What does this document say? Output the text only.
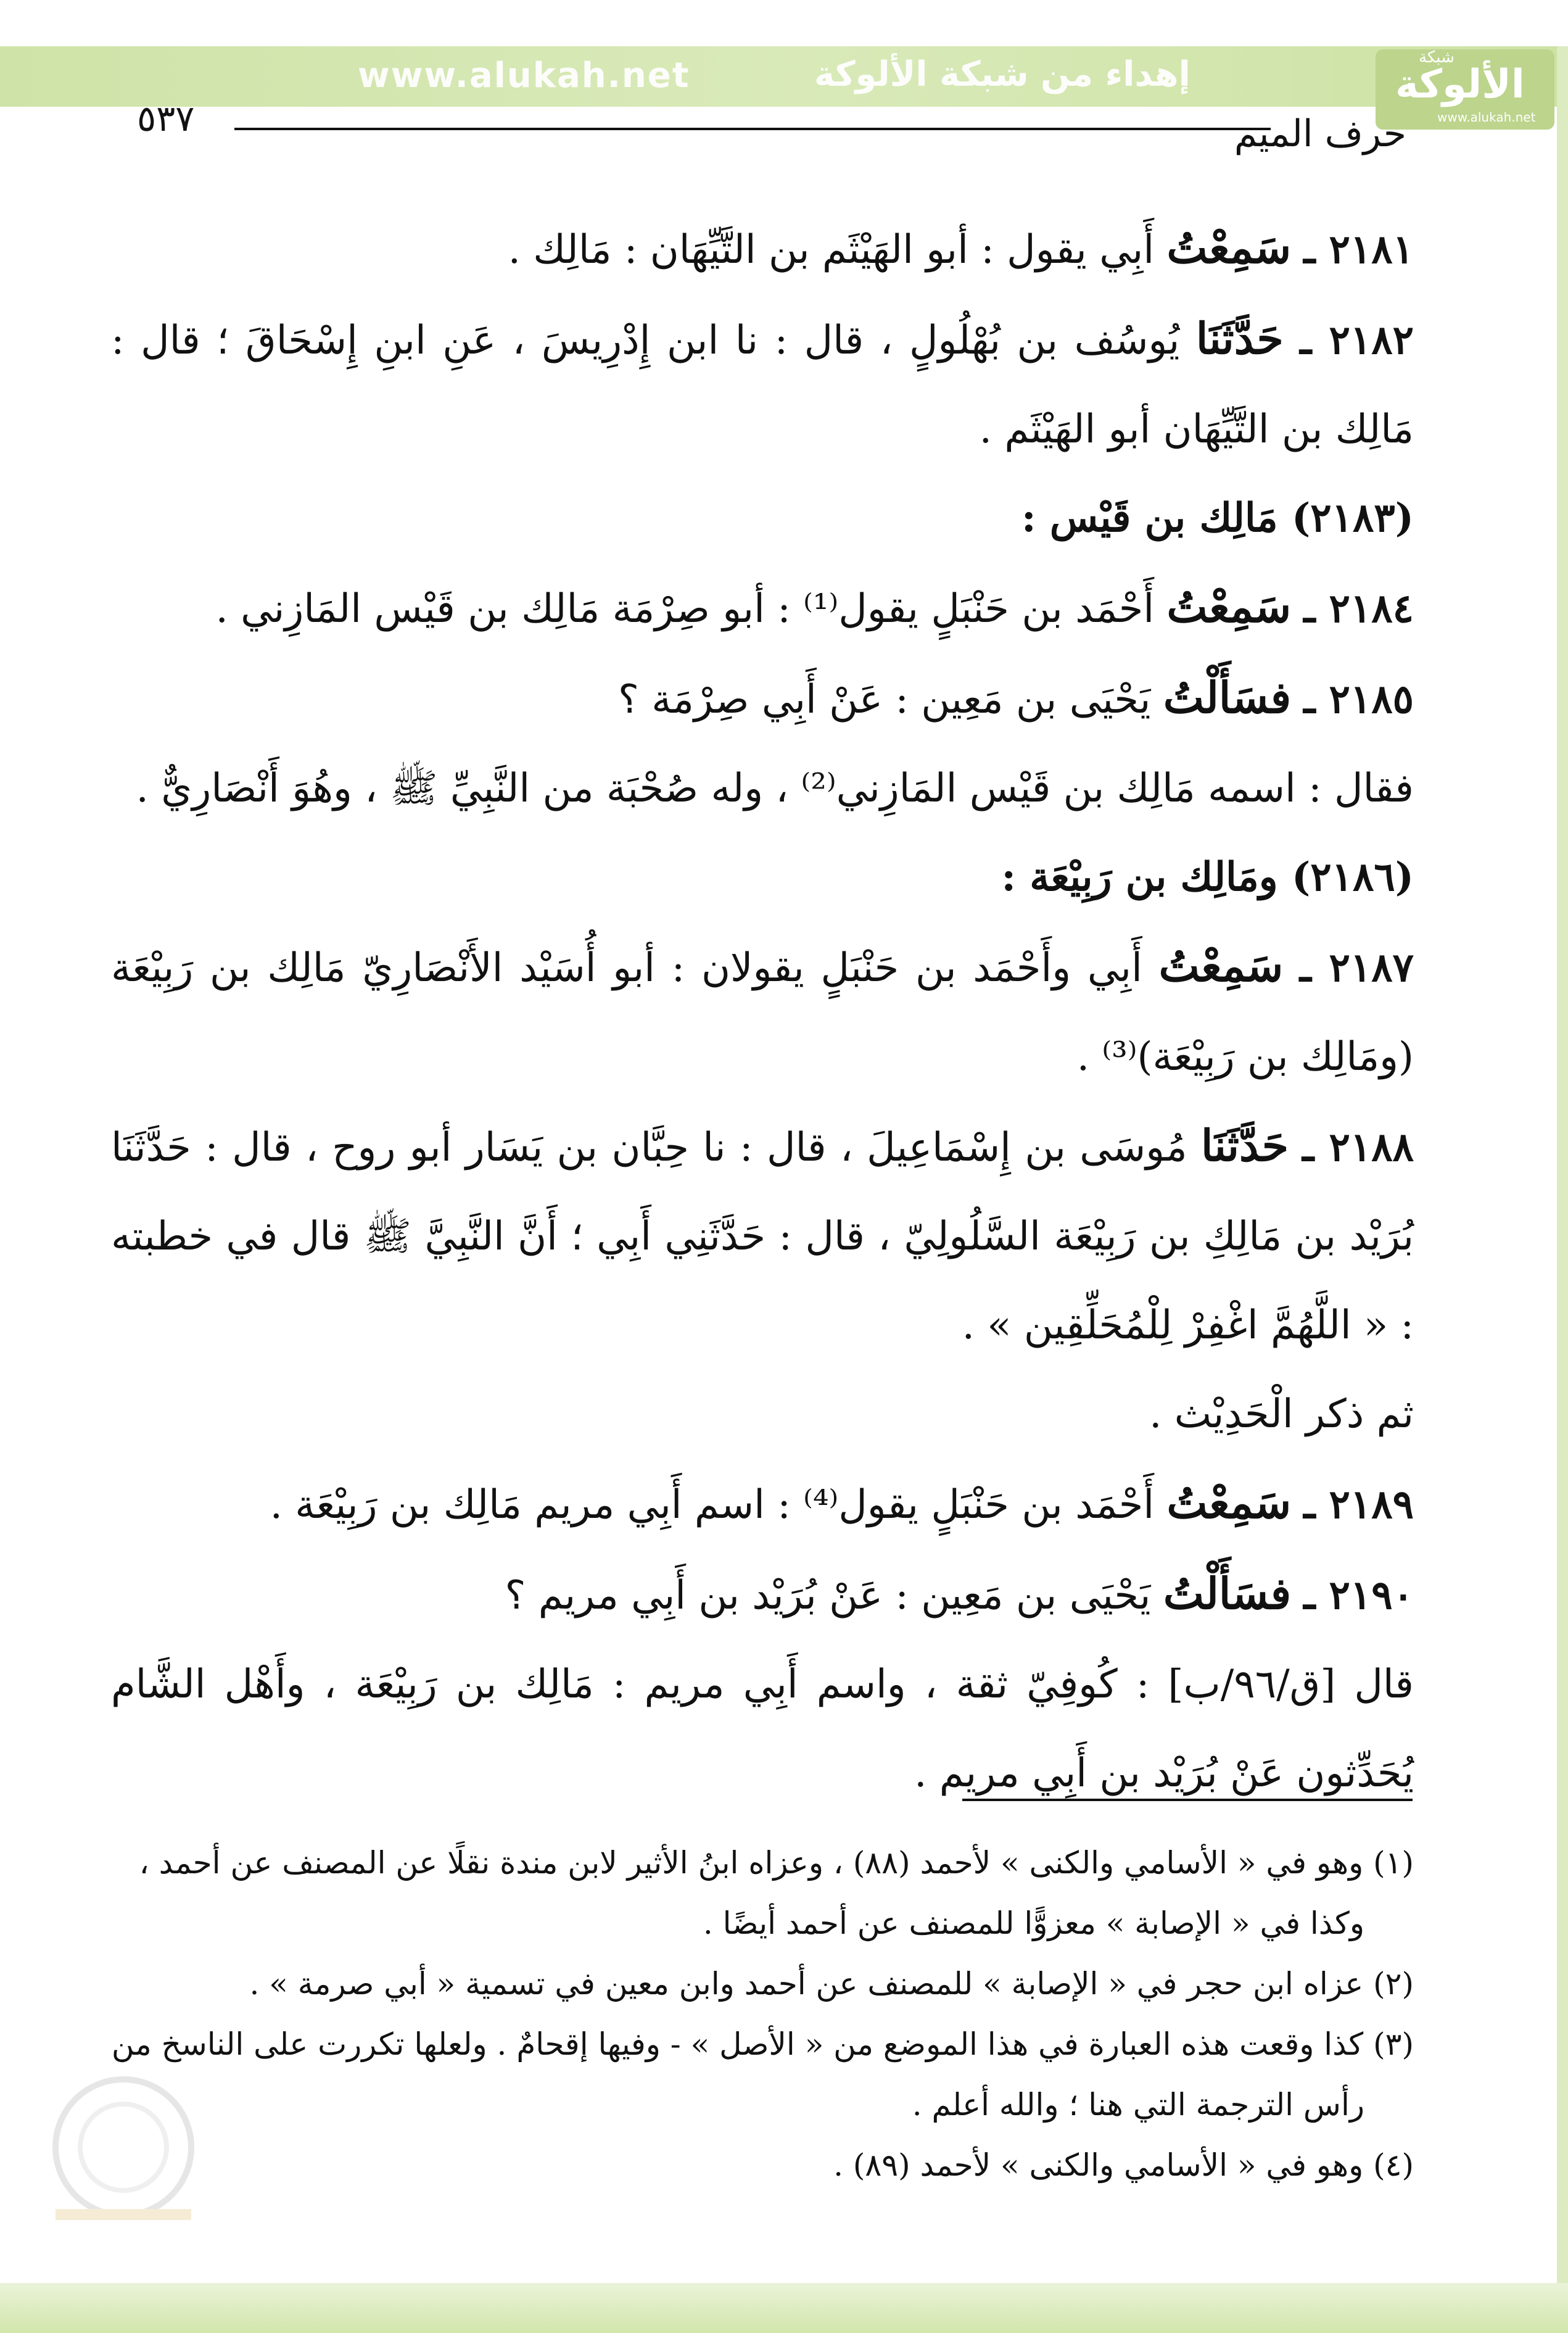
www.alukah.net	إهداء من شبكة الألوكة	شبكة
الألوكة
www.alukah.net
٥٣٧	حرف الميم

٢١٨١ ـ سَمِعْتُ أَبِي يقول : أبو الهَيْثَم بن التَّيِّهَان : مَالِك .

٢١٨٢ ـ حَدَّثَنَا يُوسُف بن بُهْلُولٍ ، قال : نا ابن إِدْرِيسَ ، عَنِ ابنِ إِسْحَاقَ ؛ قال : مَالِك بن التَّيِّهَان أبو الهَيْثَم .

(٢١٨٣) مَالِك بن قَيْس :

٢١٨٤ ـ سَمِعْتُ أَحْمَد بن حَنْبَلٍ يقول⁽¹⁾ : أبو صِرْمَة مَالِك بن قَيْس المَازِني .

٢١٨٥ ـ فسَأَلْتُ يَحْيَى بن مَعِين : عَنْ أَبِي صِرْمَة ؟

فقال : اسمه مَالِك بن قَيْس المَازِني⁽²⁾ ، وله صُحْبَة من النَّبِيِّ ﷺ ، وهُوَ أَنْصَارِيٌّ .

(٢١٨٦) ومَالِك بن رَبِيْعَة :

٢١٨٧ ـ سَمِعْتُ أَبِي وأَحْمَد بن حَنْبَلٍ يقولان : أبو أُسَيْد الأَنْصَارِيّ مَالِك بن رَبِيْعَة (ومَالِك بن رَبِيْعَة)⁽³⁾ .

٢١٨٨ ـ حَدَّثَنَا مُوسَى بن إِسْمَاعِيلَ ، قال : نا حِبَّان بن يَسَار أبو روح ، قال : حَدَّثَنَا بُرَيْد بن مَالِكِ بن رَبِيْعَة السَّلُولِيّ ، قال : حَدَّثَنِي أَبِي ؛ أَنَّ النَّبِيَّ ﷺ قال في خطبته : « اللَّهُمَّ اغْفِرْ لِلْمُحَلِّقِين » .

ثم ذكر الْحَدِيْث .

٢١٨٩ ـ سَمِعْتُ أَحْمَد بن حَنْبَلٍ يقول⁽⁴⁾ : اسم أَبِي مريم مَالِك بن رَبِيْعَة .

٢١٩٠ ـ فسَأَلْتُ يَحْيَى بن مَعِين : عَنْ بُرَيْد بن أَبِي مريم ؟

قال [ق/٩٦/ب] : كُوفِيّ ثقة ، واسم أَبِي مريم : مَالِك بن رَبِيْعَة ، وأَهْل الشَّام يُحَدِّثون عَنْ بُرَيْد بن أَبِي مريم .

(١) وهو في « الأسامي والكنى » لأحمد (٨٨) ، وعزاه ابنُ الأثير لابن مندة نقلًا عن المصنف عن أحمد ،

وكذا في « الإصابة » معزوًّا للمصنف عن أحمد أيضًا .

(٢) عزاه ابن حجر في « الإصابة » للمصنف عن أحمد وابن معين في تسمية « أبي صرمة » .

(٣) كذا وقعت هذه العبارة في هذا الموضع من « الأصل » - وفيها إقحامٌ . ولعلها تكررت على الناسخ من

رأس الترجمة التي هنا ؛ والله أعلم .

(٤) وهو في « الأسامي والكنى » لأحمد (٨٩) .
